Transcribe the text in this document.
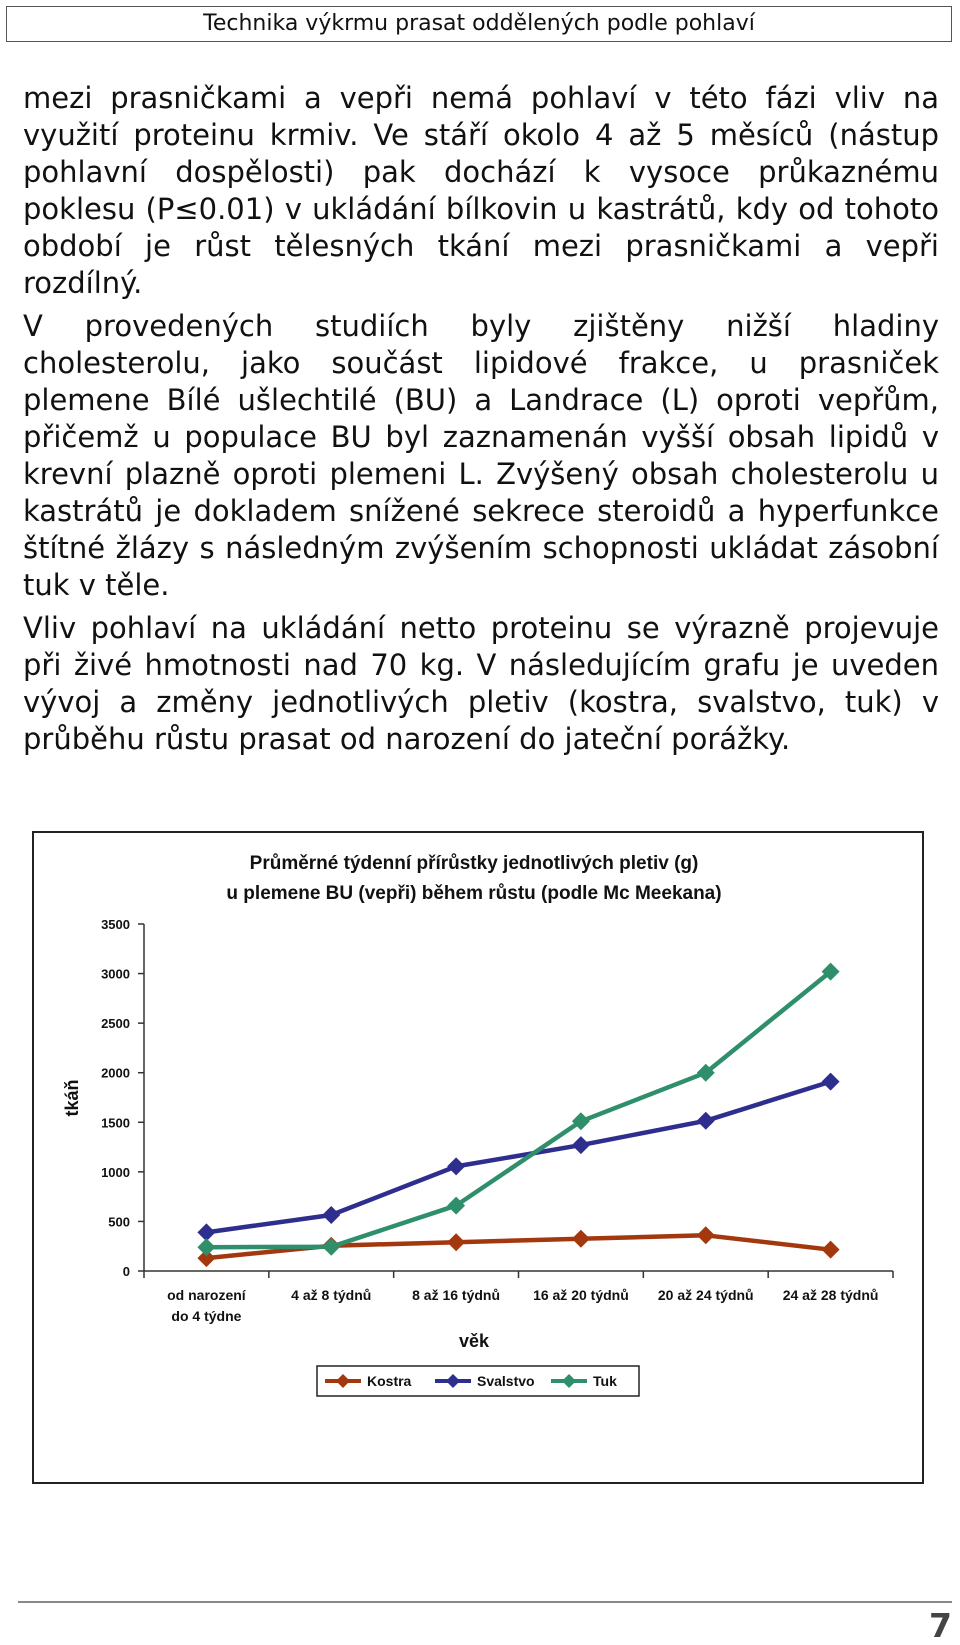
Technika výkrmu prasat oddělených podle pohlaví

mezi prasničkami a vepři nemá pohlaví v této fázi vliv na využití proteinu krmiv. Ve stáří okolo 4 až 5 měsíců (nástup pohlavní dospělosti) pak dochází k vysoce průkaznému poklesu (P≤0.01) v ukládání bílkovin u kastrátů, kdy od tohoto období je růst tělesných tkání mezi prasničkami a vepři rozdílný.

V provedených studiích byly zjištěny nižší hladiny cholesterolu, jako součást lipidové frakce, u prasniček plemene Bílé ušlechtilé (BU) a Landrace (L) oproti vepřům, přičemž u populace BU byl zaznamenán vyšší obsah lipidů v krevní plazně oproti plemeni L. Zvýšený obsah cholesterolu u kastrátů je dokladem snížené sekrece steroidů a hyperfunkce štítné žlázy s následným zvýšením schopnosti ukládat zásobní tuk v těle.

Vliv pohlaví na ukládání netto proteinu se výrazně projevuje při živé hmotnosti nad 70 kg. V následujícím grafu je uveden vývoj a změny jednotlivých pletiv (kostra, svalstvo, tuk) v průběhu růstu prasat od narození do jateční porážky.

Průměrné týdenní přírůstky jednotlivých pletiv (g)
u plemene BU (vepři) během růstu (podle Mc Meekana)
0
500
1000
1500
2000
2500
3000
3500
tkáň
od narození
do 4 týdne
4 až 8 týdnů	8 až 16 týdnů 16 až 20 týdnů 20 až 24 týdnů 24 až 28 týdnů
věk
Kostra	Svalstvo	Tuk
7
